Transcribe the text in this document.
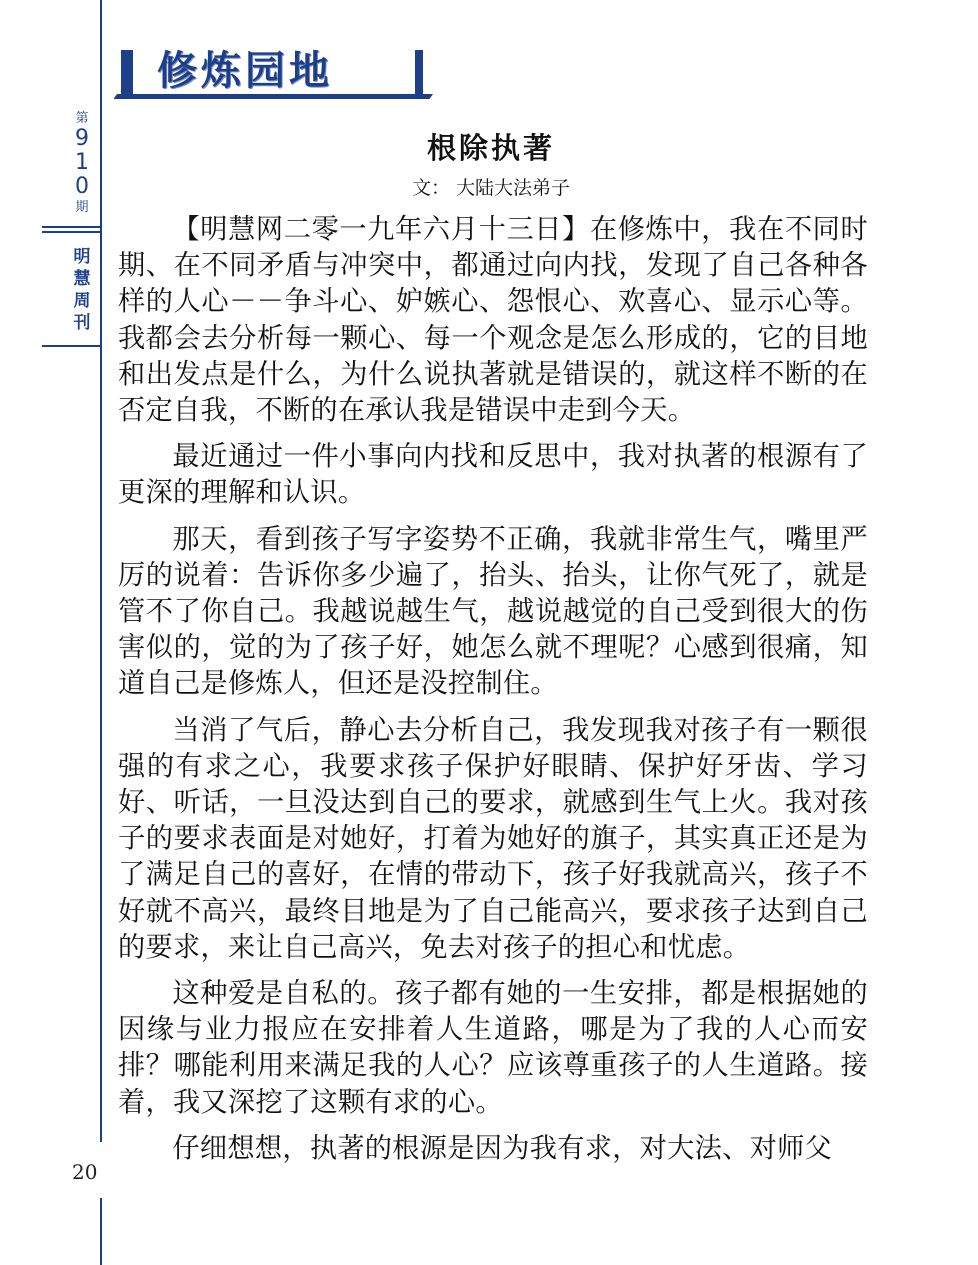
第
9
1
0
期
明
慧
周
刊
修炼园地
根除执著
文： 大陆大法弟子

【明慧网二零一九年六月十三日】在修炼中，我在不同时期、在不同矛盾与冲突中，都通过向内找，发现了自己各种各样的人心－－争斗心、妒嫉心、怨恨心、欢喜心、显示心等。我都会去分析每一颗心、每一个观念是怎么形成的，它的目地和出发点是什么，为什么说执著就是错误的，就这样不断的在否定自我，不断的在承认我是错误中走到今天。

最近通过一件小事向内找和反思中，我对执著的根源有了更深的理解和认识。

那天，看到孩子写字姿势不正确，我就非常生气，嘴里严厉的说着：告诉你多少遍了，抬头、抬头，让你气死了，就是管不了你自己。我越说越生气，越说越觉的自己受到很大的伤害似的，觉的为了孩子好，她怎么就不理呢？心感到很痛，知道自己是修炼人，但还是没控制住。

当消了气后，静心去分析自己，我发现我对孩子有一颗很强的有求之心，我要求孩子保护好眼睛、保护好牙齿、学习好、听话，一旦没达到自己的要求，就感到生气上火。我对孩子的要求表面是对她好，打着为她好的旗子，其实真正还是为了满足自己的喜好，在情的带动下，孩子好我就高兴，孩子不好就不高兴，最终目地是为了自己能高兴，要求孩子达到自己的要求，来让自己高兴，免去对孩子的担心和忧虑。

这种爱是自私的。孩子都有她的一生安排，都是根据她的因缘与业力报应在安排着人生道路，哪是为了我的人心而安排？哪能利用来满足我的人心？应该尊重孩子的人生道路。接着，我又深挖了这颗有求的心。

仔细想想，执著的根源是因为我有求，对大法、对师父

20
